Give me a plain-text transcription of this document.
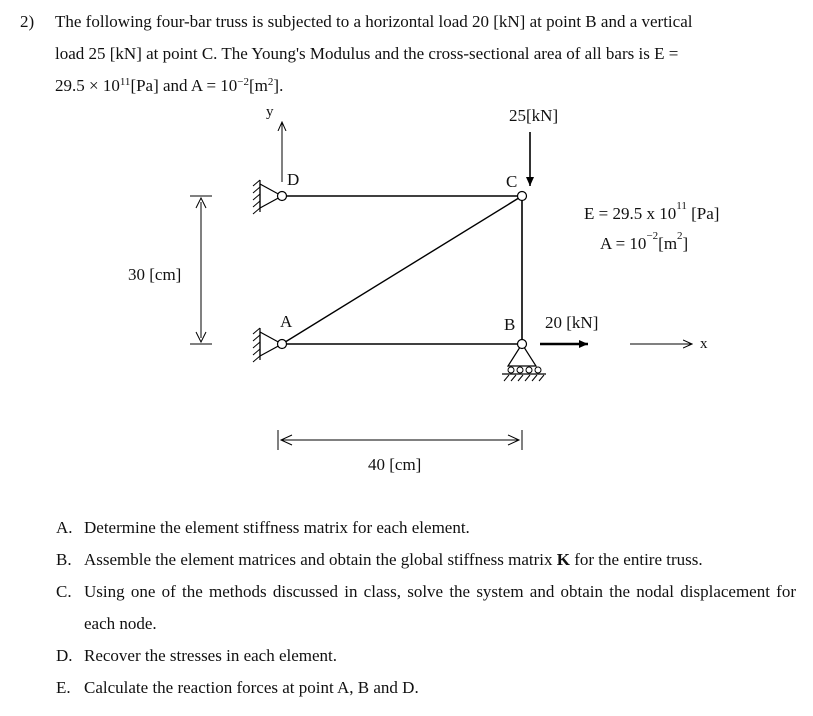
2) The following four-bar truss is subjected to a horizontal load 20 [kN] at point B and a vertical
load 25 [kN] at point C. The Young's Modulus and the cross-sectional area of all bars is E =
$29.5 \times 10^{11}[Pa]$ and $A = 10^{-2}[m^2]$.
y
x
D
A
C
B
25[kN]
20 [kN]
30 [cm]
40 [cm]
E = 29.5 x $10^{11}$ [Pa]
$A = 10^{-2}[m^2]$
A. Determine the element stiffness matrix for each element.
B. Assemble the element matrices and obtain the global stiffness matrix K for the entire truss.
C. Using one of the methods discussed in class, solve the system and obtain the nodal displacement for each node.
D. Recover the stresses in each element.
E. Calculate the reaction forces at point A, B and D.
